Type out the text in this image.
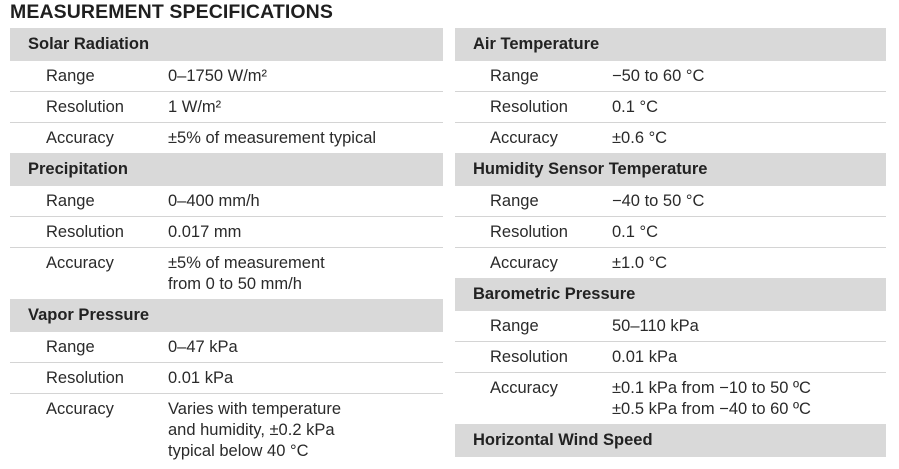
MEASUREMENT SPECIFICATIONS
Solar Radiation
Range	0–1750 W/m²
Resolution	1 W/m²
Accuracy	±5% of measurement typical
Precipitation
Range	0–400 mm/h
Resolution	0.017 mm
Accuracy	±5% of measurement
from 0 to 50 mm/h
Vapor Pressure
Range	0–47 kPa
Resolution	0.01 kPa
Accuracy	Varies with temperature
and humidity, ±0.2 kPa
typical below 40 °C
Air Temperature
Range	−50 to 60 °C
Resolution	0.1 °C
Accuracy	±0.6 °C
Humidity Sensor Temperature
Range	−40 to 50 °C
Resolution	0.1 °C
Accuracy	±1.0 °C
Barometric Pressure
Range	50–110 kPa
Resolution	0.01 kPa
Accuracy	±0.1 kPa from −10 to 50 ºC
±0.5 kPa from −40 to 60 ºC
Horizontal Wind Speed
